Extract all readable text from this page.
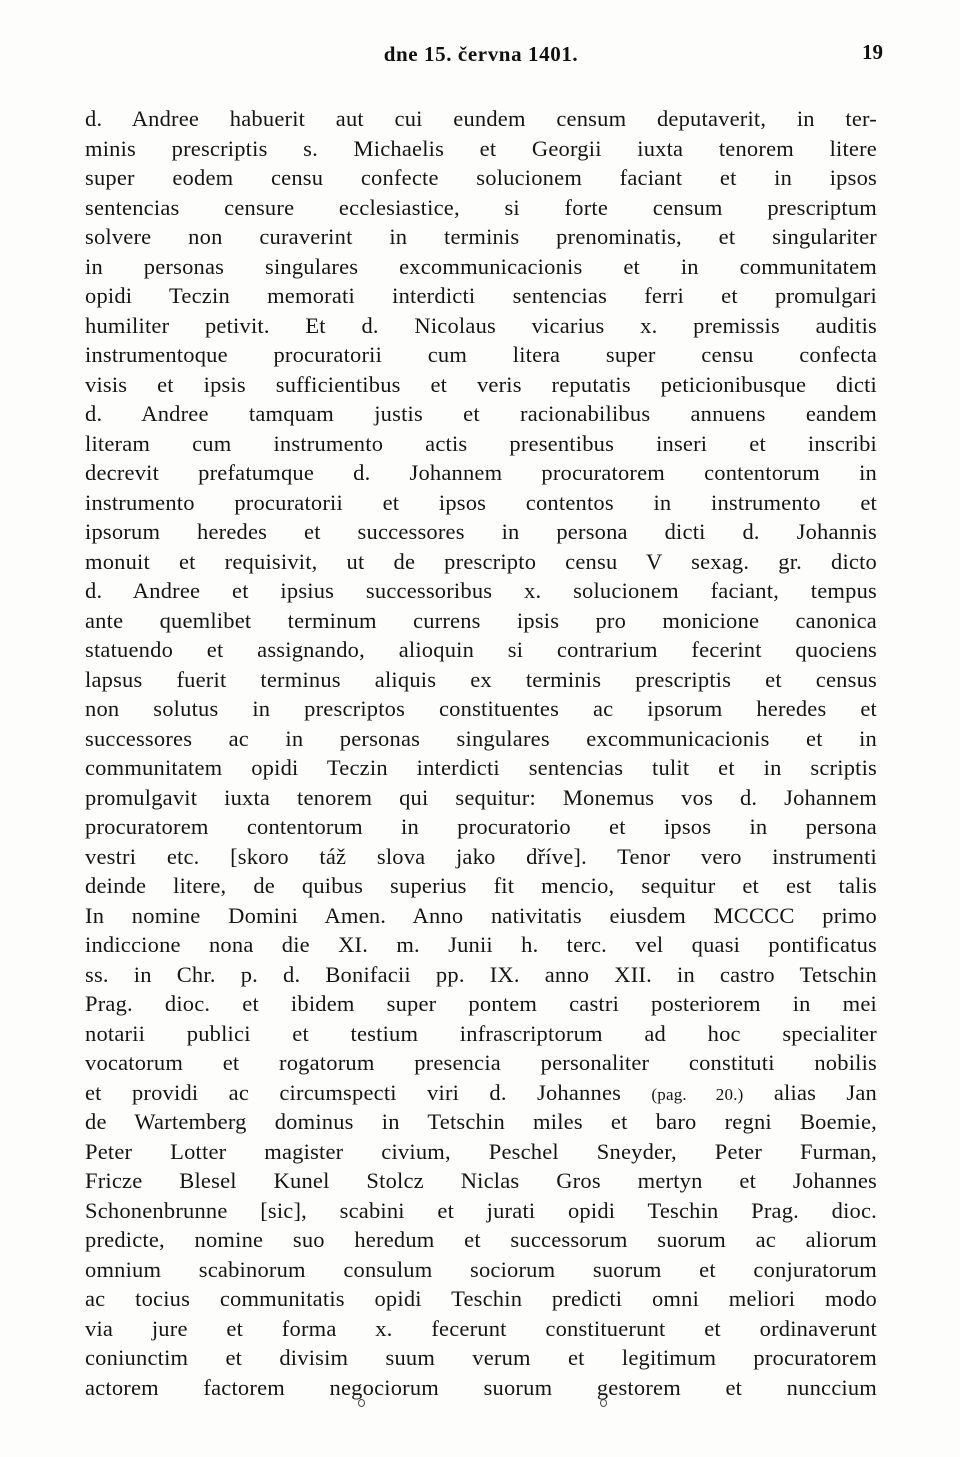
dne 15. června 1401.	19
d. Andree habuerit aut cui eundem censum deputaverit, in ter-
minis prescriptis s. Michaelis et Georgii iuxta tenorem litere
super eodem censu confecte solucionem faciant et in ipsos
sentencias censure ecclesiastice, si forte censum prescriptum
solvere non curaverint in terminis prenominatis, et singulariter
in personas singulares excommunicacionis et in communitatem
opidi Teczin memorati interdicti sentencias ferri et promulgari
humiliter petivit. Et d. Nicolaus vicarius x. premissis auditis
instrumentoque procuratorii cum litera super censu confecta
visis et ipsis sufficientibus et veris reputatis peticionibusque dicti
d. Andree tamquam justis et racionabilibus annuens eandem
literam cum instrumento actis presentibus inseri et inscribi
decrevit prefatumque d. Johannem procuratorem contentorum in
instrumento procuratorii et ipsos contentos in instrumento et
ipsorum heredes et successores in persona dicti d. Johannis
monuit et requisivit, ut de prescripto censu V sexag. gr. dicto
d. Andree et ipsius successoribus x. solucionem faciant, tempus
ante quemlibet terminum currens ipsis pro monicione canonica
statuendo et assignando, alioquin si contrarium fecerint quociens
lapsus fuerit terminus aliquis ex terminis prescriptis et census
non solutus in prescriptos constituentes ac ipsorum heredes et
successores ac in personas singulares excommunicacionis et in
communitatem opidi Teczin interdicti sentencias tulit et in scriptis
promulgavit iuxta tenorem qui sequitur: Monemus vos d. Johannem
procuratorem contentorum in procuratorio et ipsos in persona
vestri etc. [skoro táž slova jako dříve]. Tenor vero instrumenti
deinde litere, de quibus superius fit mencio, sequitur et est talis
In nomine Domini Amen. Anno nativitatis eiusdem MCCCC primo
indiccione nona die XI. m. Junii h. terc. vel quasi pontificatus
ss. in Chr. p. d. Bonifacii pp. IX. anno XII. in castro Tetschin
Prag. dioc. et ibidem super pontem castri posteriorem in mei
notarii publici et testium infrascriptorum ad hoc specialiter
vocatorum et rogatorum presencia personaliter constituti nobilis
et providi ac circumspecti viri d. Johannes (pag. 20.) alias Jan
de Wartemberg dominus in Tetschin miles et baro regni Boemie,
Peter Lotter magister civium, Peschel Sneyder, Peter Furman,
Fricze Blesel Kunel Stolcz Niclas Gros mertyn et Johannes
Schonenbrunne [sic], scabini et jurati opidi Teschin Prag. dioc.
predicte, nomine suo heredum et successorum suorum ac aliorum
omnium scabinorum consulum sociorum suorum et conjuratorum
ac tocius communitatis opidi Teschin predicti omni meliori modo
via jure et forma x. fecerunt constituerunt et ordinaverunt
coniunctim et divisim suum verum et legitimum procuratorem
actorem factorem negociorum suorum gestorem et nunccium
